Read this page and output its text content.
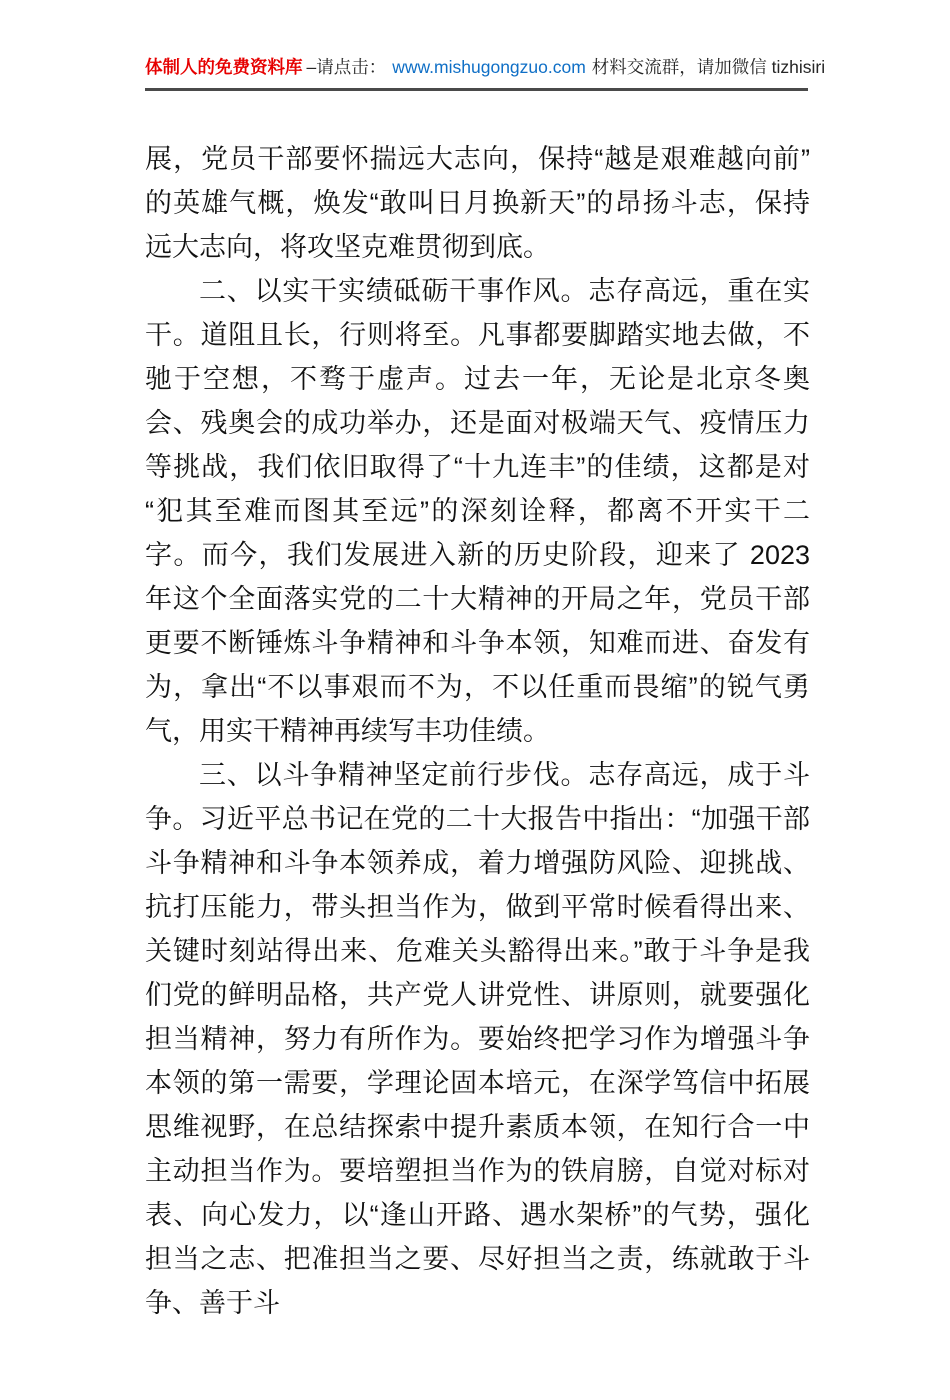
体制人的免费资料库 –请点击： www.mishugongzuo.com 材料交流群，请加微信 tizhisiri

展，党员干部要怀揣远大志向，保持“越是艰难越向前”的英雄气概，焕发“敢叫日月换新天”的昂扬斗志，保持远大志向，将攻坚克难贯彻到底。

二、以实干实绩砥砺干事作风。志存高远，重在实干。道阻且长，行则将至。凡事都要脚踏实地去做，不驰于空想，不骛于虚声。过去一年，无论是北京冬奥会、残奥会的成功举办，还是面对极端天气、疫情压力等挑战，我们依旧取得了“十九连丰”的佳绩，这都是对“犯其至难而图其至远”的深刻诠释，都离不开实干二字。而今，我们发展进入新的历史阶段，迎来了 2023 年这个全面落实党的二十大精神的开局之年，党员干部更要不断锤炼斗争精神和斗争本领，知难而进、奋发有为，拿出“不以事艰而不为，不以任重而畏缩”的锐气勇气，用实干精神再续写丰功佳绩。

三、以斗争精神坚定前行步伐。志存高远，成于斗争。习近平总书记在党的二十大报告中指出：“加强干部斗争精神和斗争本领养成，着力增强防风险、迎挑战、抗打压能力，带头担当作为，做到平常时候看得出来、关键时刻站得出来、危难关头豁得出来。”敢于斗争是我们党的鲜明品格，共产党人讲党性、讲原则，就要强化担当精神，努力有所作为。要始终把学习作为增强斗争本领的第一需要，学理论固本培元，在深学笃信中拓展思维视野，在总结探索中提升素质本领，在知行合一中主动担当作为。要培塑担当作为的铁肩膀，自觉对标对表、向心发力，以“逢山开路、遇水架桥”的气势，强化担当之志、把准担当之要、尽好担当之责，练就敢于斗争、善于斗
